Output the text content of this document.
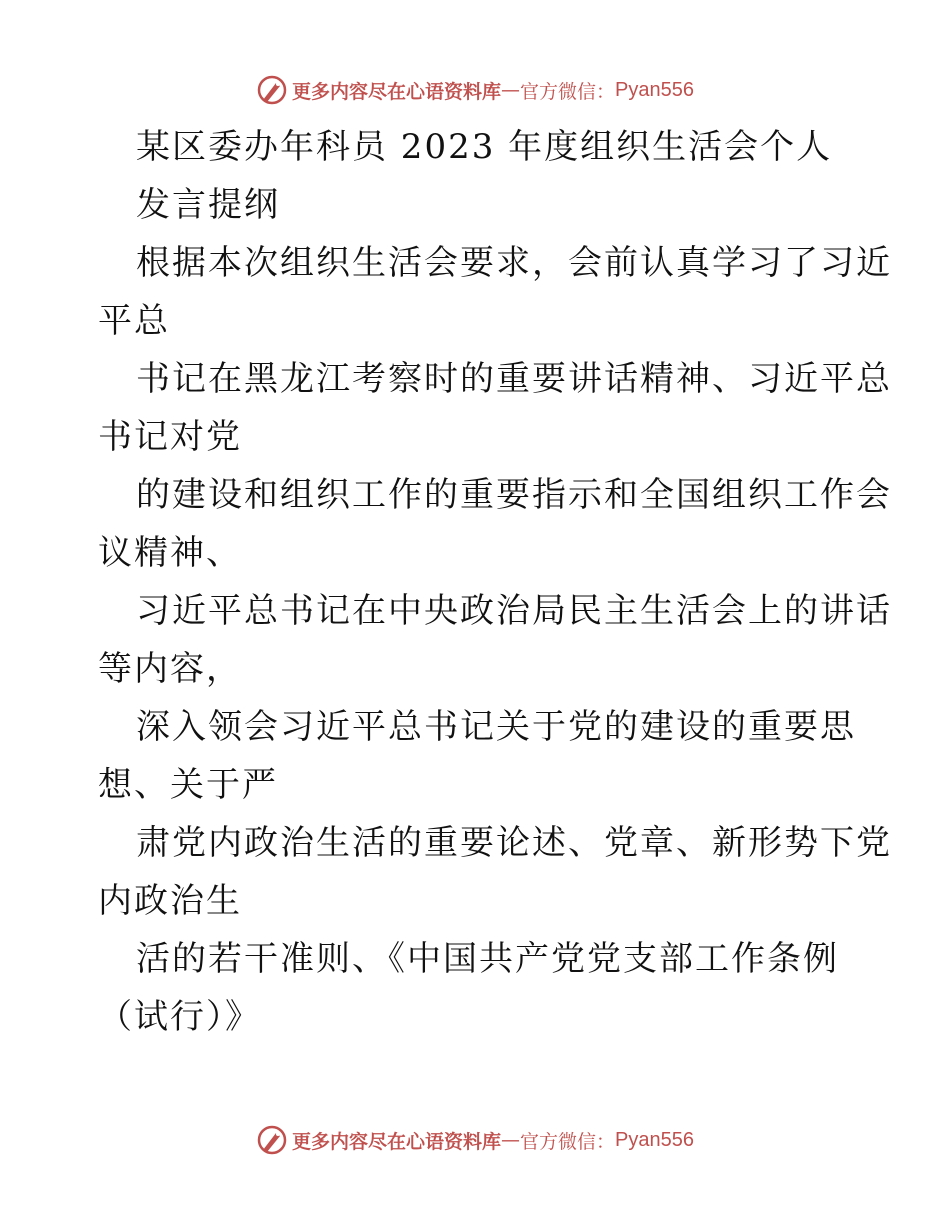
更多内容尽在心语资料库 — 官方微信： Pyan556
某区委办年科员 2023 年度组织生活会个人
发言提纲
根据本次组织生活会要求，会前认真学习了习近
平总
书记在黑龙江考察时的重要讲话精神、习近平总
书记对党
的建设和组织工作的重要指示和全国组织工作会
议精神、
习近平总书记在中央政治局民主生活会上的讲话
等内容，
深入领会习近平总书记关于党的建设的重要思
想、关于严
肃党内政治生活的重要论述、党章、新形势下党
内政治生
活的若干准则、《中国共产党党支部工作条例
（试行）》
更多内容尽在心语资料库 — 官方微信： Pyan556
